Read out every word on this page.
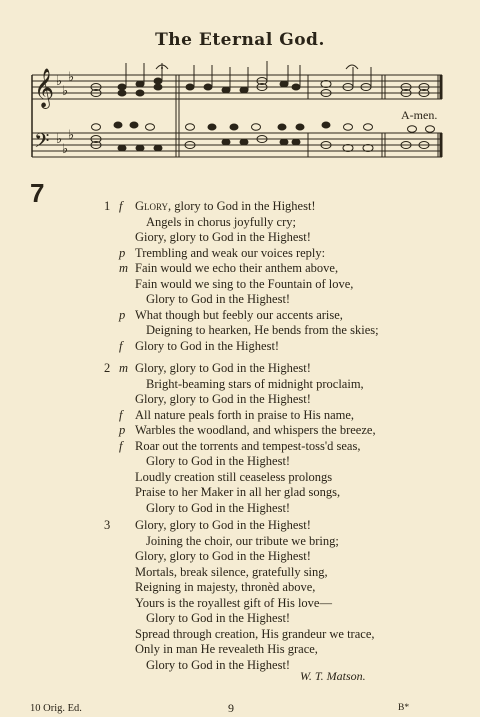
The Eternal God.
𝄞
𝄢
♭
♭
♭
♭
♭
♭
A-men.
7	1 f Glory, glory to God in the Highest!
Angels in chorus joyfully cry;
Giory, glory to God in the Highest!
p Trembling and weak our voices reply:
m Fain would we echo their anthem above,
Fain would we sing to the Fountain of love,
Glory to God in the Highest!
p What though but feebly our accents arise,
Deigning to hearken, He bends from the skies;
f Glory to God in the Highest!
2 m Glory, glory to God in the Highest!
Bright-beaming stars of midnight proclaim,
Glory, glory to God in the Highest!
f All nature peals forth in praise to His name,
p Warbles the woodland, and whispers the breeze,
f Roar out the torrents and tempest-toss'd seas,
Glory to God in the Highest!
Loudly creation still ceaseless prolongs
Praise to her Maker in all her glad songs,
Glory to God in the Highest!
3 Glory, glory to God in the Highest!
Joining the choir, our tribute we bring;
Glory, glory to God in the Highest!
Mortals, break silence, gratefully sing,
Reigning in majesty, thronèd above,
Yours is the royallest gift of His love—
Glory to God in the Highest!
Spread through creation, His grandeur we trace,
Only in man He revealeth His grace,
Glory to God in the Highest!
W. T. Matson.
10 Orig. Ed.	9	B*
